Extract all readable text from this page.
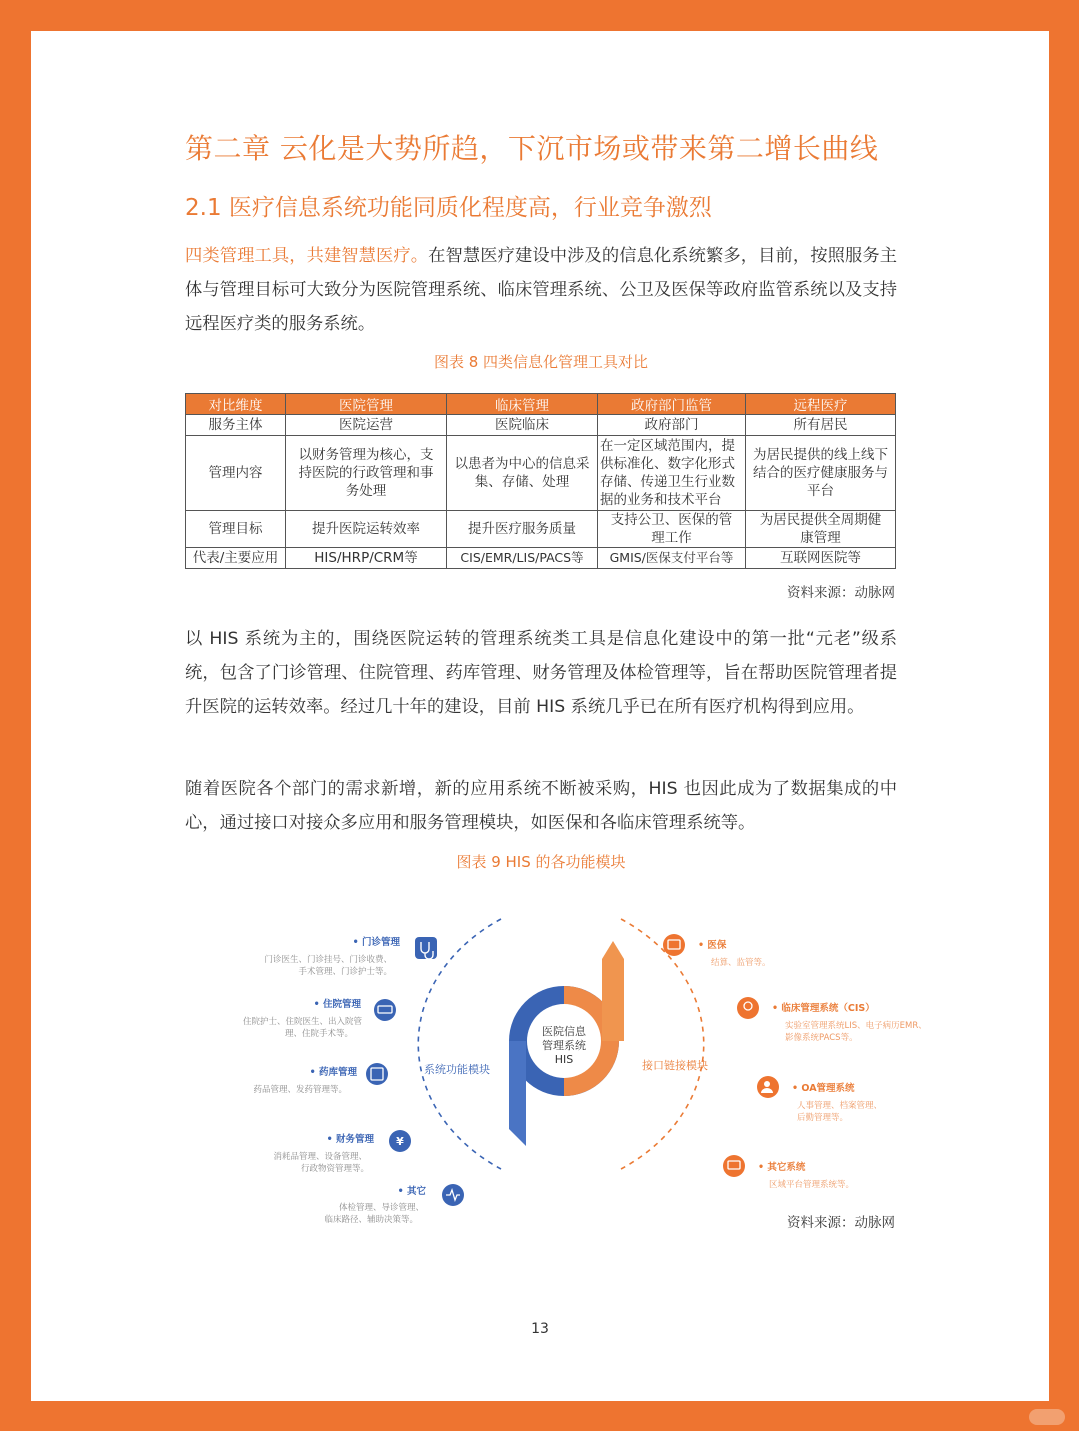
第二章 云化是大势所趋，下沉市场或带来第二增长曲线
2.1 医疗信息系统功能同质化程度高，行业竞争激烈

四类管理工具，共建智慧医疗。在智慧医疗建设中涉及的信息化系统繁多，目前，按照服务主体与管理目标可大致分为医院管理系统、临床管理系统、公卫及医保等政府监管系统以及支持远程医疗类的服务系统。

图表 8 四类信息化管理工具对比
对比维度	医院管理	临床管理	政府部门监管	远程医疗
服务主体	医院运营	医院临床	政府部门	所有居民
管理内容	以财务管理为核心，支持医院的行政管理和事务处理	以患者为中心的信息采集、存储、处理	在一定区域范围内，提供标准化、数字化形式存储、传递卫生行业数据的业务和技术平台	为居民提供的线上线下结合的医疗健康服务与平台
管理目标	提升医院运转效率	提升医疗服务质量	支持公卫、医保的管理工作	为居民提供全周期健康管理
代表/主要应用	HIS/HRP/CRM等	CIS/EMR/LIS/PACS等	GMIS/医保支付平台等	互联网医院等
资料来源：动脉网

以 HIS 系统为主的，围绕医院运转的管理系统类工具是信息化建设中的第一批“元老”级系统，包含了门诊管理、住院管理、药库管理、财务管理及体检管理等，旨在帮助医院管理者提升医院的运转效率。经过几十年的建设，目前 HIS 系统几乎已在所有医疗机构得到应用。

随着医院各个部门的需求新增，新的应用系统不断被采购，HIS 也因此成为了数据集成的中心，通过接口对接众多应用和服务管理模块，如医保和各临床管理系统等。

图表 9 HIS 的各功能模块
医院信息
管理系统
HIS
系统功能模块	接口链接模块
• 门诊管理
门诊医生、门诊挂号、门诊收费、
手术管理、门诊护士等。
• 住院管理
住院护士、住院医生、出入院管
理、住院手术等。
• 药库管理
药品管理、发药管理等。
• 财务管理
消耗品管理、设备管理、
行政物资管理等。
¥
• 其它
体检管理、导诊管理、
临床路径、辅助决策等。
• 医保
结算、监管等。
• 临床管理系统（CIS）
实验室管理系统LIS、电子病历EMR、
影像系统PACS等。
• OA管理系统
人事管理、档案管理、
后勤管理等。
• 其它系统
区域平台管理系统等。
资料来源：动脉网
13
